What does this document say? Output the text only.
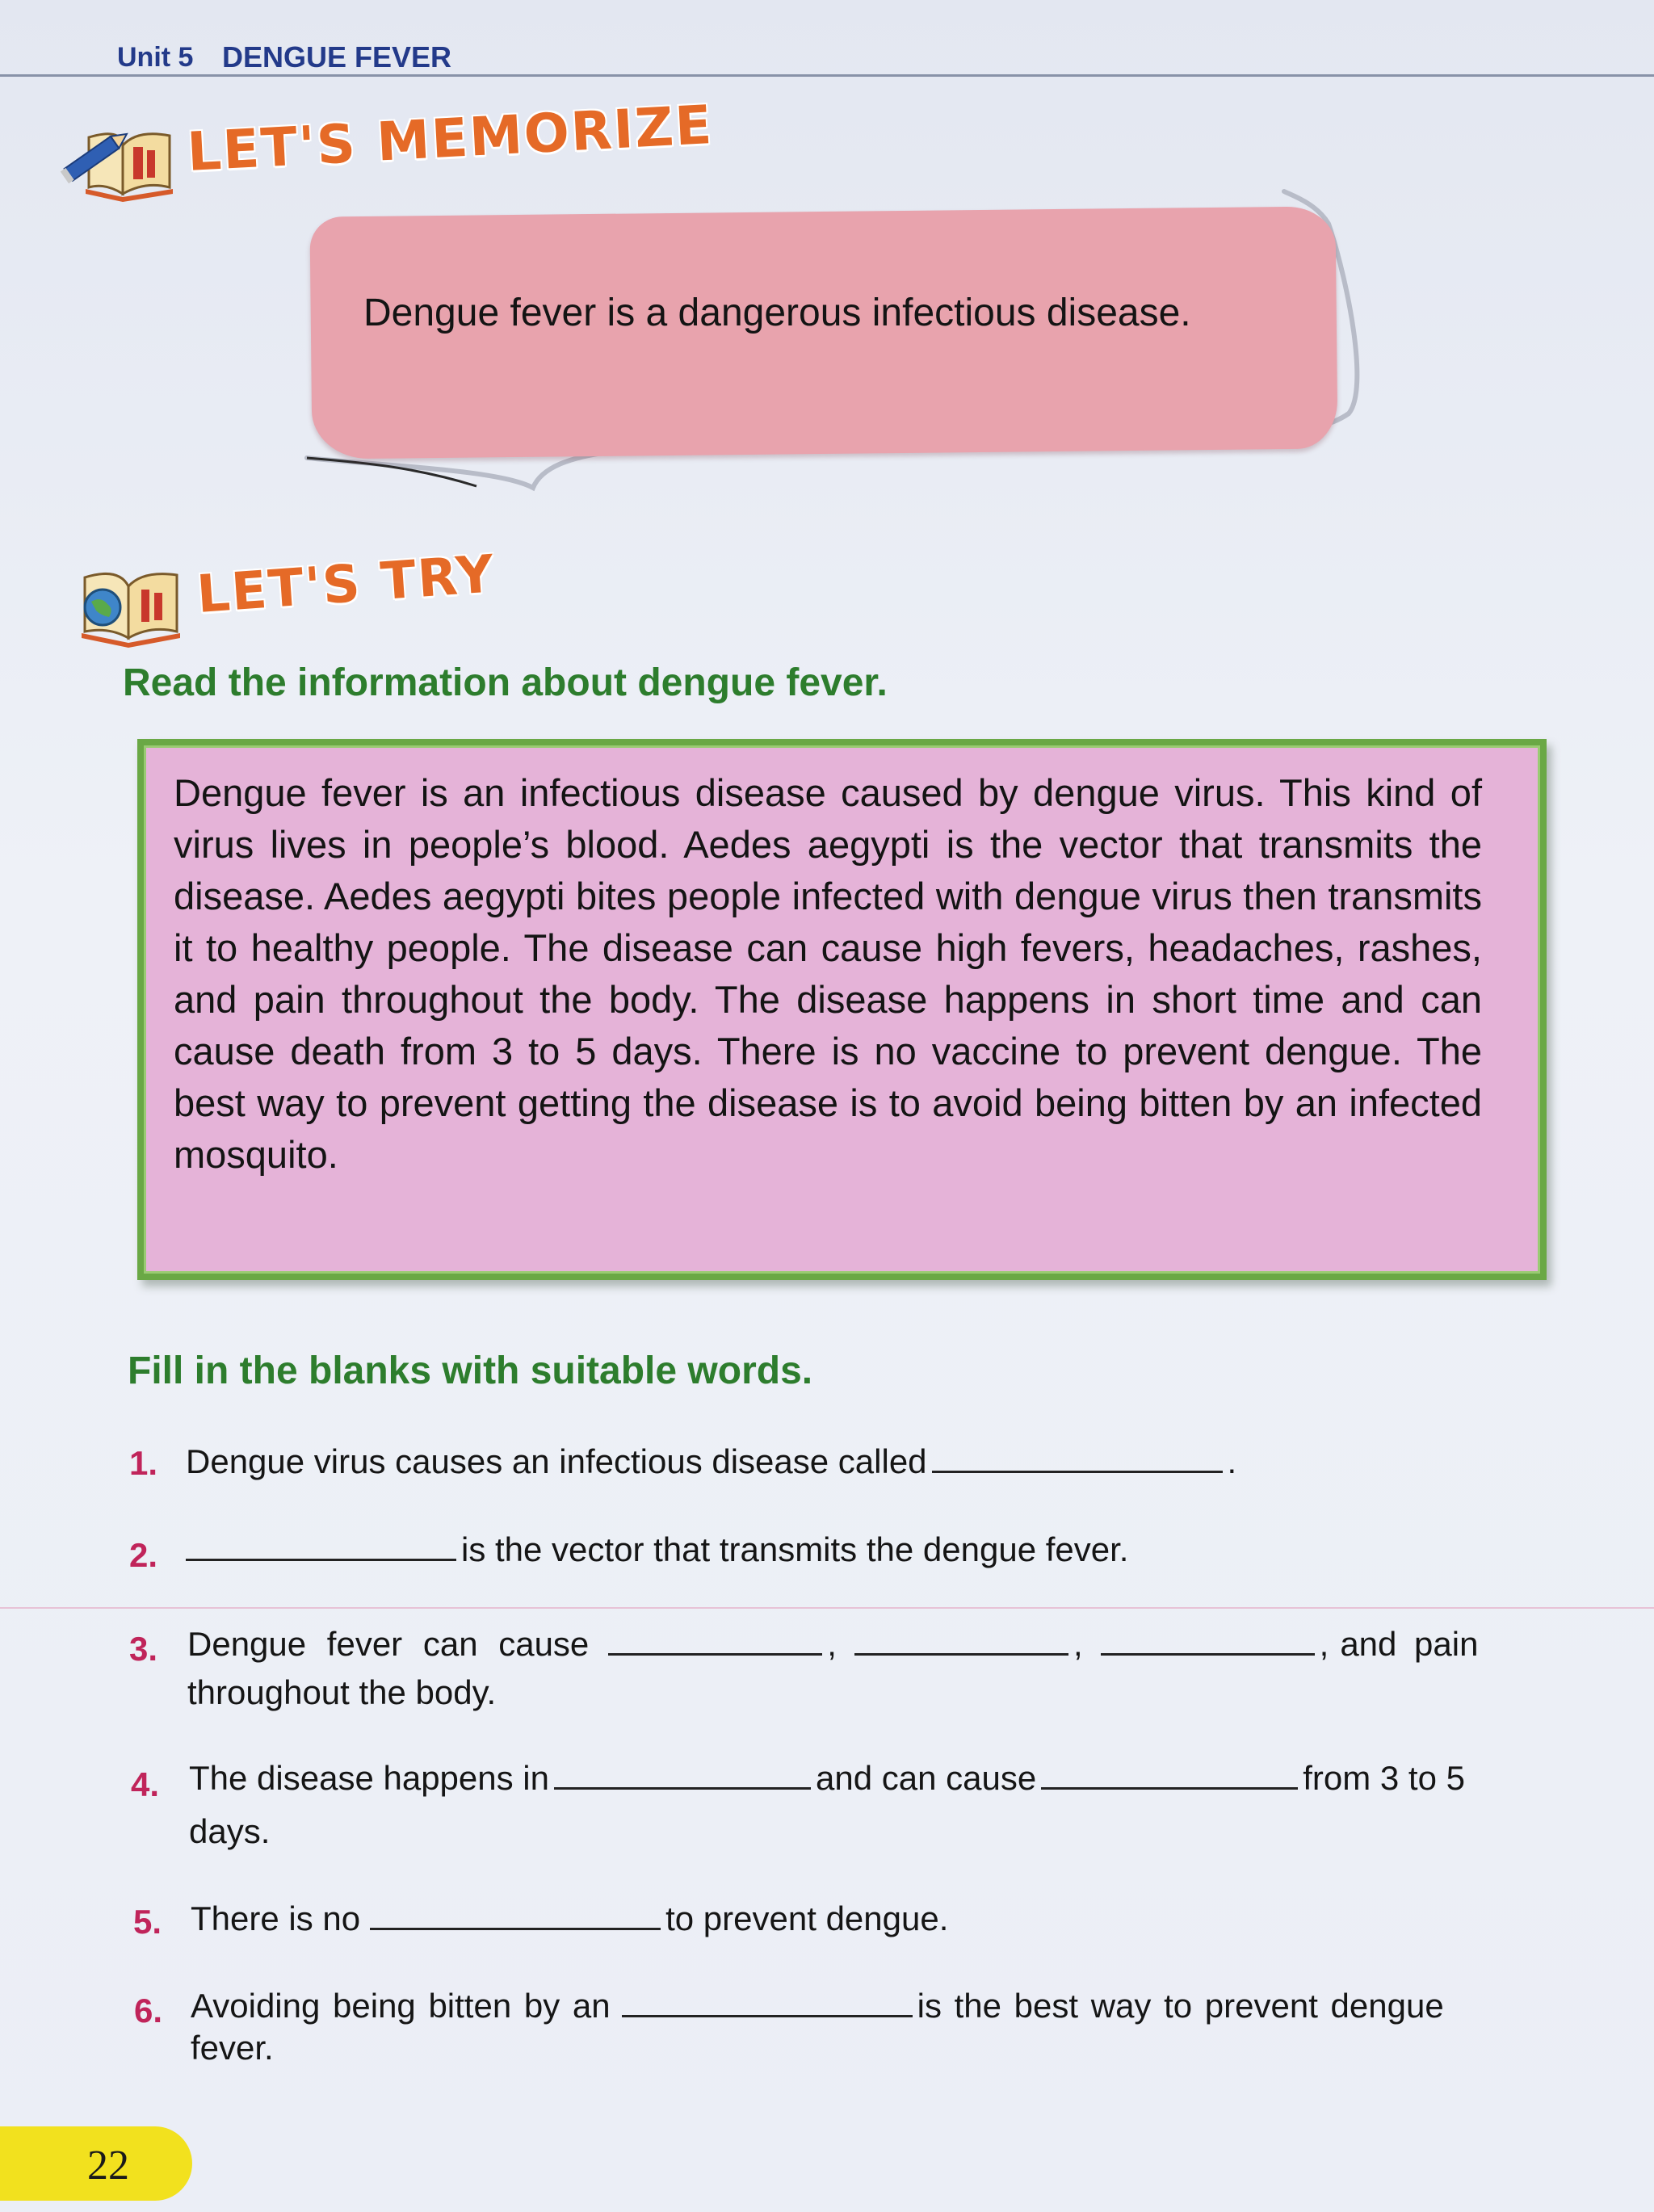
Unit 5 DENGUE FEVER
LET'S MEMORIZE
Dengue fever is a dangerous infectious disease.
LET'S TRY
Read the information about dengue fever.

Dengue fever is an infectious disease caused by dengue virus. This kind of virus lives in people’s blood. Aedes aegypti is the vector that transmits the disease. Aedes aegypti bites people infected with dengue virus then transmits it to healthy people. The disease can cause high fevers, headaches, rashes, and pain throughout the body. The disease happens in short time and can cause death from 3 to 5 days. There is no vaccine to prevent dengue. The best way to prevent getting the disease is to avoid being bitten by an infected mosquito.

Fill in the blanks with suitable words.
1. Dengue virus causes an infectious disease called	.
2.	is the vector that transmits the dengue fever.
3. Dengue fever can cause	,	,	, and pain
throughout the body.
4. The disease happens in	and can cause	from 3 to 5
days.
5. There is no	to prevent dengue.
6. Avoiding being bitten by an	is the best way to prevent dengue
fever.
22
